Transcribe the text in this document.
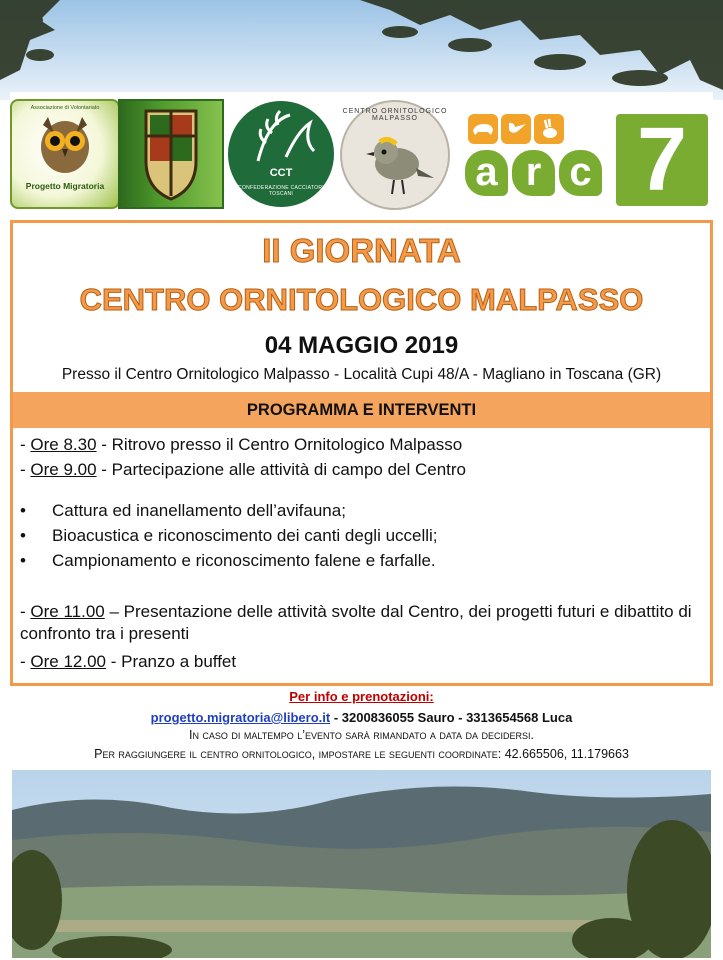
Associazione di Volontariato
Progetto Migratoria
CCT
CONFEDERAZIONE CACCIATORI TOSCANI
CENTRO ORNITOLOGICO MALPASSO
a r c 7
II GIORNATA
CENTRO ORNITOLOGICO MALPASSO
04 MAGGIO 2019
Presso il Centro Ornitologico Malpasso - Località Cupi 48/A - Magliano in Toscana (GR)
PROGRAMMA E INTERVENTI
- Ore 8.30 - Ritrovo presso il Centro Ornitologico Malpasso
- Ore 9.00 - Partecipazione alle attività di campo del Centro
• Cattura ed inanellamento dell’avifauna;
• Bioacustica e riconoscimento dei canti degli uccelli;
• Campionamento e riconoscimento falene e farfalle.
- Ore 11.00 – Presentazione delle attività svolte dal Centro, dei progetti futuri e dibattito di confronto tra i presenti
- Ore 12.00 - Pranzo a buffet
Per info e prenotazioni:
progetto.migratoria@libero.it - 3200836055 Sauro - 3313654568 Luca
In caso di maltempo l’evento sarà rimandato a data da decidersi.
Per raggiungere il centro ornitologico, impostare le seguenti coordinate: 42.665506, 11.179663
